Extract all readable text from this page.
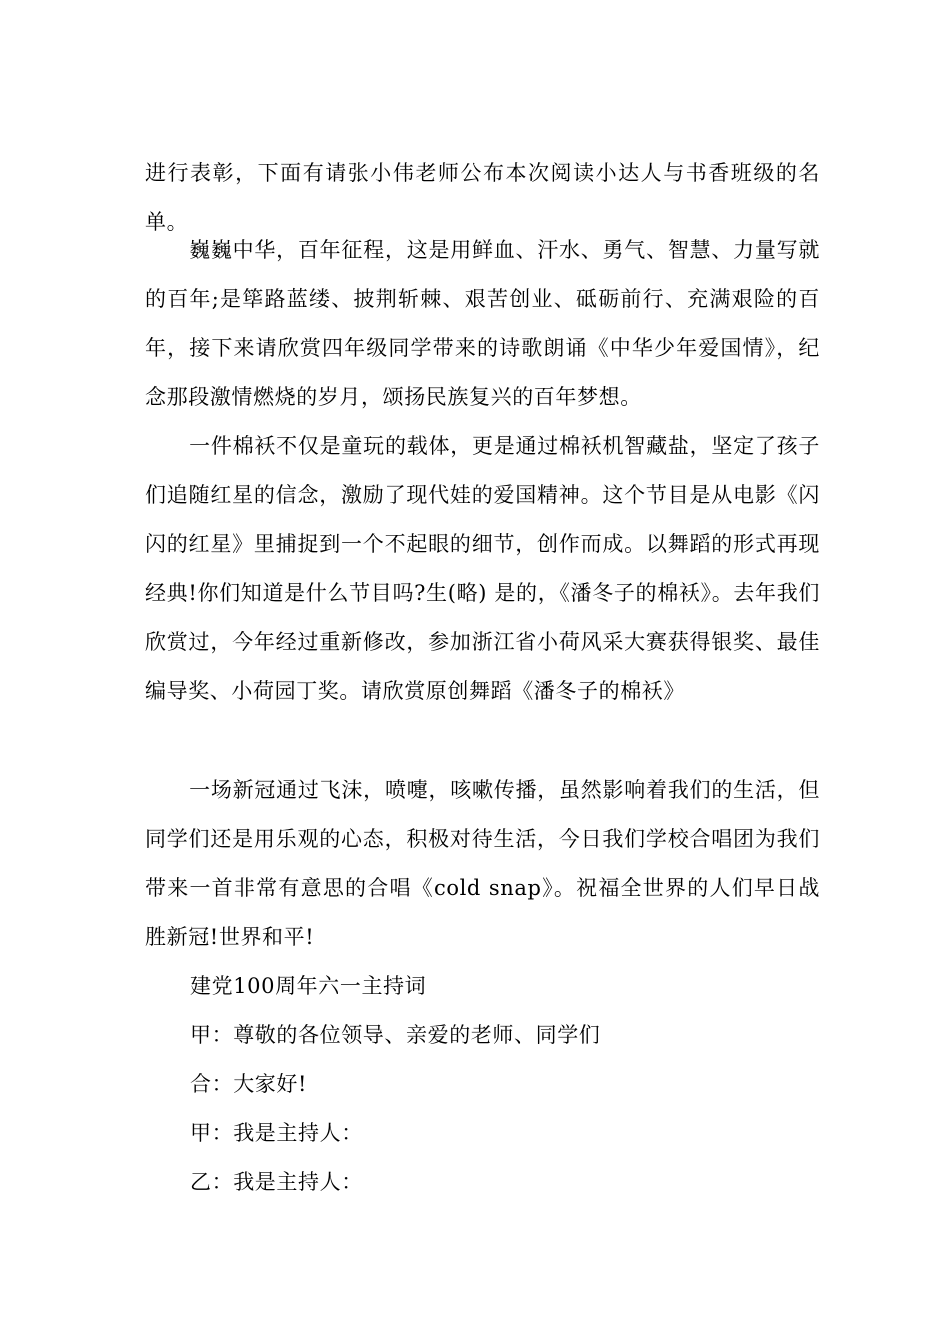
进行表彰，下面有请张小伟老师公布本次阅读小达人与书香班级的名单。

巍巍中华，百年征程，这是用鲜血、汗水、勇气、智慧、力量写就的百年;是筚路蓝缕、披荆斩棘、艰苦创业、砥砺前行、充满艰险的百年，接下来请欣赏四年级同学带来的诗歌朗诵《中华少年爱国情》，纪念那段激情燃烧的岁月，颂扬民族复兴的百年梦想。

一件棉袄不仅是童玩的载体，更是通过棉袄机智藏盐，坚定了孩子们追随红星的信念，激励了现代娃的爱国精神。这个节目是从电影《闪闪的红星》里捕捉到一个不起眼的细节，创作而成。以舞蹈的形式再现经典!你们知道是什么节目吗?生(略) 是的，《潘冬子的棉袄》。去年我们欣赏过，今年经过重新修改，参加浙江省小荷风采大赛获得银奖、最佳编导奖、小荷园丁奖。请欣赏原创舞蹈《潘冬子的棉袄》

一场新冠通过飞沫，喷嚏，咳嗽传播，虽然影响着我们的生活，但同学们还是用乐观的心态，积极对待生活，今日我们学校合唱团为我们带来一首非常有意思的合唱《cold snap》。祝福全世界的人们早日战胜新冠!世界和平!

建党100周年六一主持词

甲：尊敬的各位领导、亲爱的老师、同学们

合：大家好!

甲：我是主持人：

乙：我是主持人：
